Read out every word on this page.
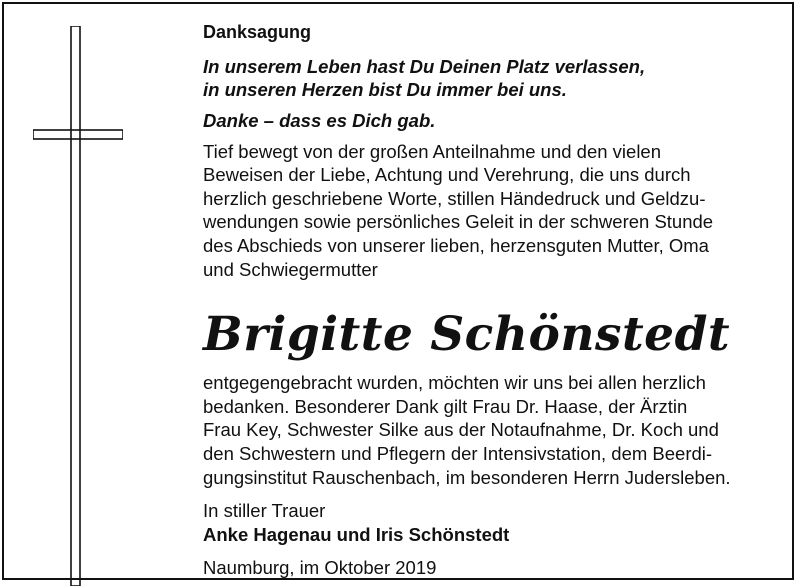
Danksagung
In unserem Leben hast Du Deinen Platz verlassen,
in unseren Herzen bist Du immer bei uns.
Danke – dass es Dich gab.
Tief bewegt von der großen Anteilnahme und den vielen
Beweisen der Liebe, Achtung und Verehrung, die uns durch
herzlich geschriebene Worte, stillen Händedruck und Geldzu-
wendungen sowie persönliches Geleit in der schweren Stunde
des Abschieds von unserer lieben, herzensguten Mutter, Oma
und Schwiegermutter
Brigitte Schönstedt
entgegengebracht wurden, möchten wir uns bei allen herzlich
bedanken. Besonderer Dank gilt Frau Dr. Haase, der Ärztin
Frau Key, Schwester Silke aus der Notaufnahme, Dr. Koch und
den Schwestern und Pflegern der Intensivstation, dem Beerdi-
gungsinstitut Rauschenbach, im besonderen Herrn Judersleben.
In stiller Trauer
Anke Hagenau und Iris Schönstedt
Naumburg, im Oktober 2019
